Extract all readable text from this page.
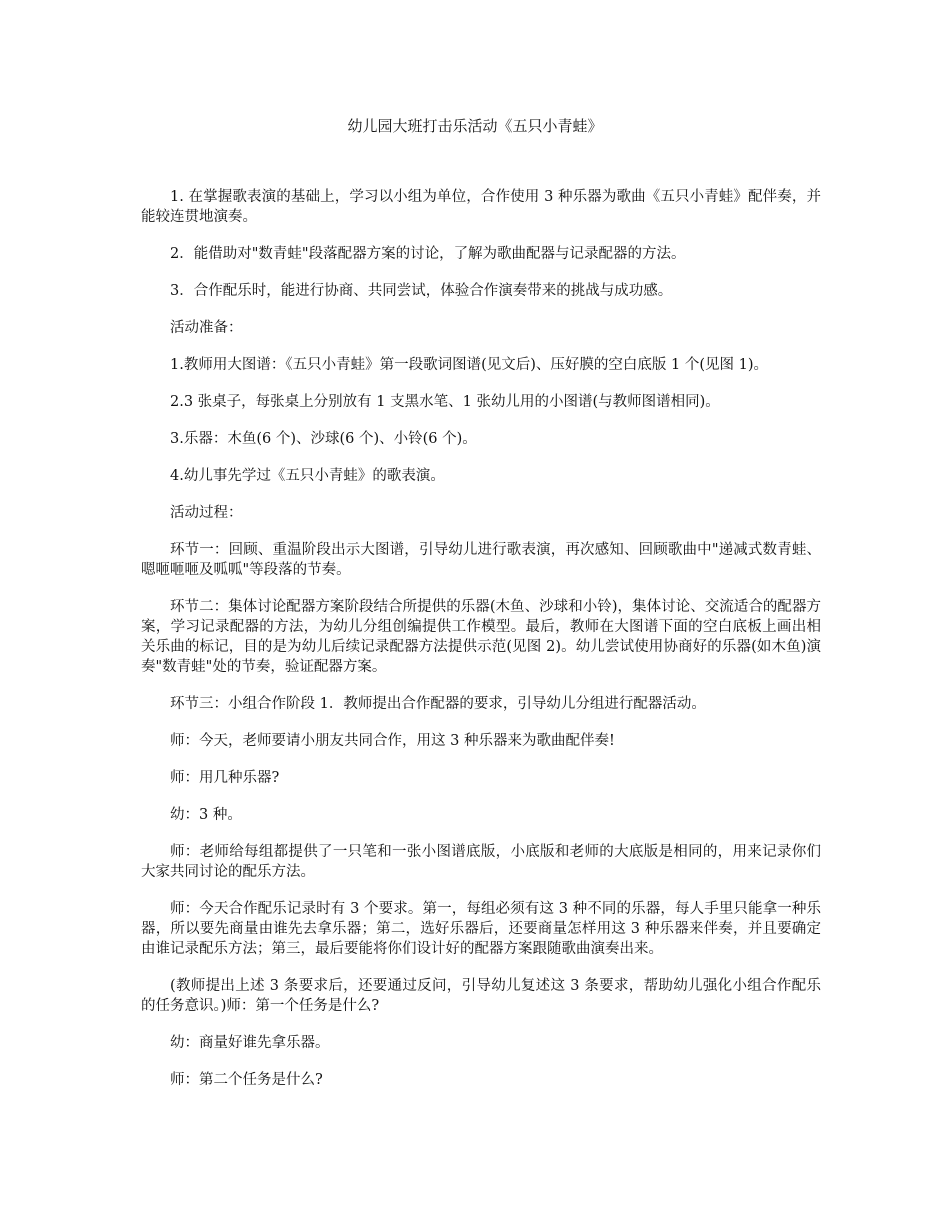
幼儿园大班打击乐活动《五只小青蛙》

1. 在掌握歌表演的基础上，学习以小组为单位，合作使用 3 种乐器为歌曲《五只小青蛙》配伴奏，并能较连贯地演奏。

2．能借助对"数青蛙"段落配器方案的讨论，了解为歌曲配器与记录配器的方法。

3．合作配乐时，能进行协商、共同尝试，体验合作演奏带来的挑战与成功感。

活动准备：

1.教师用大图谱：《五只小青蛙》第一段歌词图谱(见文后)、压好膜的空白底版 1 个(见图 1)。

2.3 张桌子，每张桌上分别放有 1 支黑水笔、1 张幼儿用的小图谱(与教师图谱相同)。

3.乐器：木鱼(6 个)、沙球(6 个)、小铃(6 个)。

4.幼儿事先学过《五只小青蛙》的歌表演。

活动过程：

环节一：回顾、重温阶段出示大图谱，引导幼儿进行歌表演，再次感知、回顾歌曲中"递减式数青蛙、嗯咂咂咂及呱呱"等段落的节奏。

环节二：集体讨论配器方案阶段结合所提供的乐器(木鱼、沙球和小铃)，集体讨论、交流适合的配器方案，学习记录配器的方法，为幼儿分组创编提供工作模型。最后，教师在大图谱下面的空白底板上画出相关乐曲的标记，目的是为幼儿后续记录配器方法提供示范(见图 2)。幼儿尝试使用协商好的乐器(如木鱼)演奏"数青蛙"处的节奏，验证配器方案。

环节三：小组合作阶段 1．教师提出合作配器的要求，引导幼儿分组进行配器活动。

师：今天，老师要请小朋友共同合作，用这 3 种乐器来为歌曲配伴奏!

师：用几种乐器?

幼：3 种。

师：老师给每组都提供了一只笔和一张小图谱底版，小底版和老师的大底版是相同的，用来记录你们大家共同讨论的配乐方法。

师：今天合作配乐记录时有 3 个要求。第一，每组必须有这 3 种不同的乐器，每人手里只能拿一种乐器，所以要先商量由谁先去拿乐器；第二，选好乐器后，还要商量怎样用这 3 种乐器来伴奏，并且要确定由谁记录配乐方法；第三，最后要能将你们设计好的配器方案跟随歌曲演奏出来。

(教师提出上述 3 条要求后，还要通过反问，引导幼儿复述这 3 条要求，帮助幼儿强化小组合作配乐的任务意识。)师：第一个任务是什么?

幼：商量好谁先拿乐器。

师：第二个任务是什么?
